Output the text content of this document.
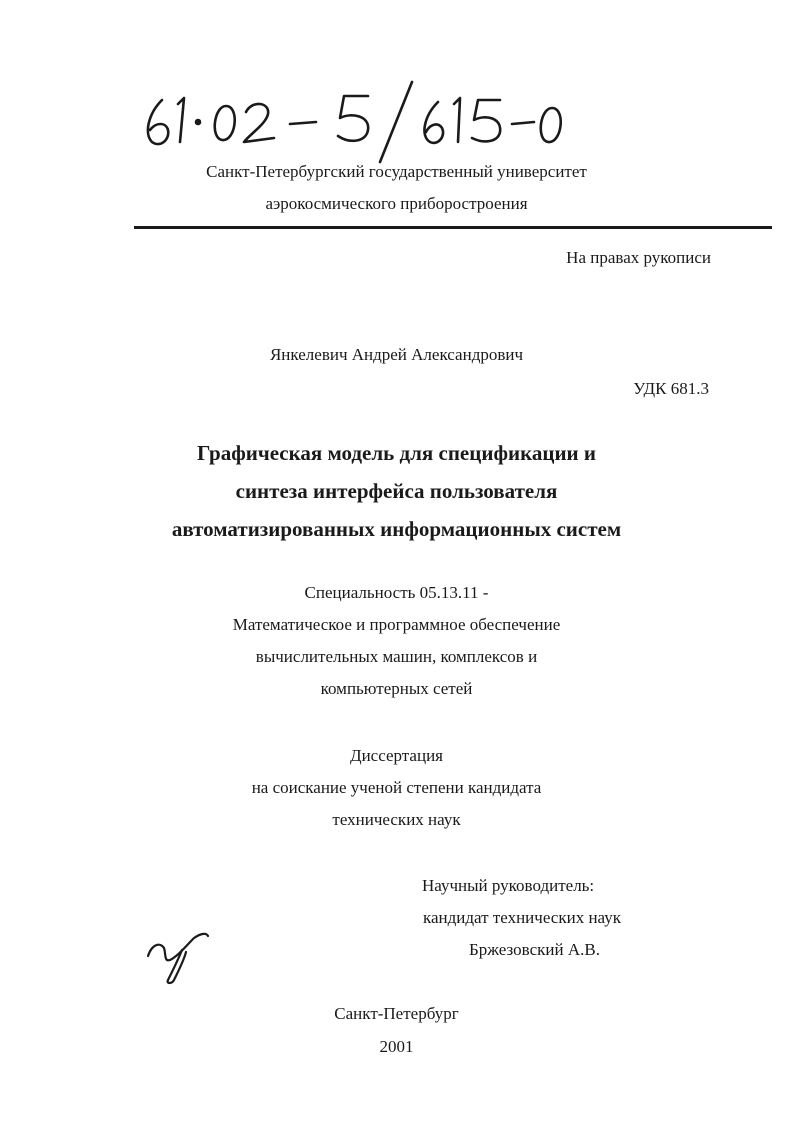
Санкт-Петербургский государственный университет
аэрокосмического приборостроения
На правах рукописи
Янкелевич Андрей Александрович
УДК 681.3
Графическая модель для спецификации и
синтеза интерфейса пользователя
автоматизированных информационных систем
Специальность 05.13.11 -
Математическое и программное обеспечение
вычислительных машин, комплексов и
компьютерных сетей
Диссертация
на соискание ученой степени кандидата
технических наук
Научный руководитель:
кандидат технических наук
Бржезовский А.В.
Санкт-Петербург
2001
